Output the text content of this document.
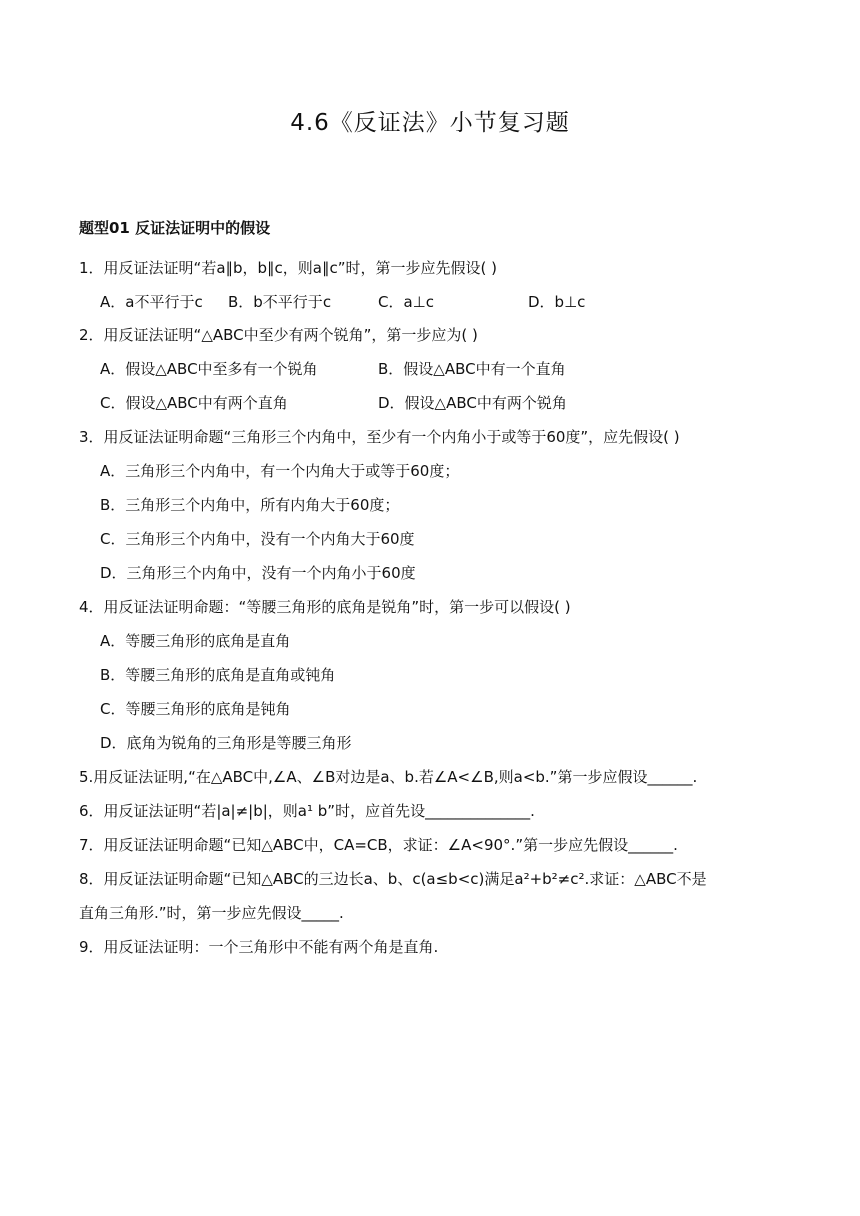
4.6《反证法》小节复习题
题型01 反证法证明中的假设
1．用反证法证明“若a∥b，b∥c，则a∥c”时，第一步应先假设( )
A．a不平行于c B．b不平行于c	C．a⊥c	D．b⊥c
2．用反证法证明“△ABC中至少有两个锐角”，第一步应为( )
A．假设△ABC中至多有一个锐角	B．假设△ABC中有一个直角
C．假设△ABC中有两个直角	D．假设△ABC中有两个锐角
3．用反证法证明命题“三角形三个内角中，至少有一个内角小于或等于60度”，应先假设( )
A．三角形三个内角中，有一个内角大于或等于60度；
B．三角形三个内角中，所有内角大于60度；
C．三角形三个内角中，没有一个内角大于60度
D．三角形三个内角中，没有一个内角小于60度
4．用反证法证明命题：“等腰三角形的底角是锐角”时，第一步可以假设( )
A．等腰三角形的底角是直角
B．等腰三角形的底角是直角或钝角
C．等腰三角形的底角是钝角
D．底角为锐角的三角形是等腰三角形
5.用反证法证明,“在△ABC中,∠A、∠B对边是a、b.若∠A<∠B,则a<b.”第一步应假设______.
6．用反证法证明“若|a|≠|b|，则a¹ b”时，应首先设______________.
7．用反证法证明命题“已知△ABC中，CA=CB，求证：∠A<90°.”第一步应先假设______.
8．用反证法证明命题“已知△ABC的三边长a、b、c(a≤b<c)满足a²+b²≠c².求证：△ABC不是
直角三角形.”时，第一步应先假设_____.
9．用反证法证明：一个三角形中不能有两个角是直角.
